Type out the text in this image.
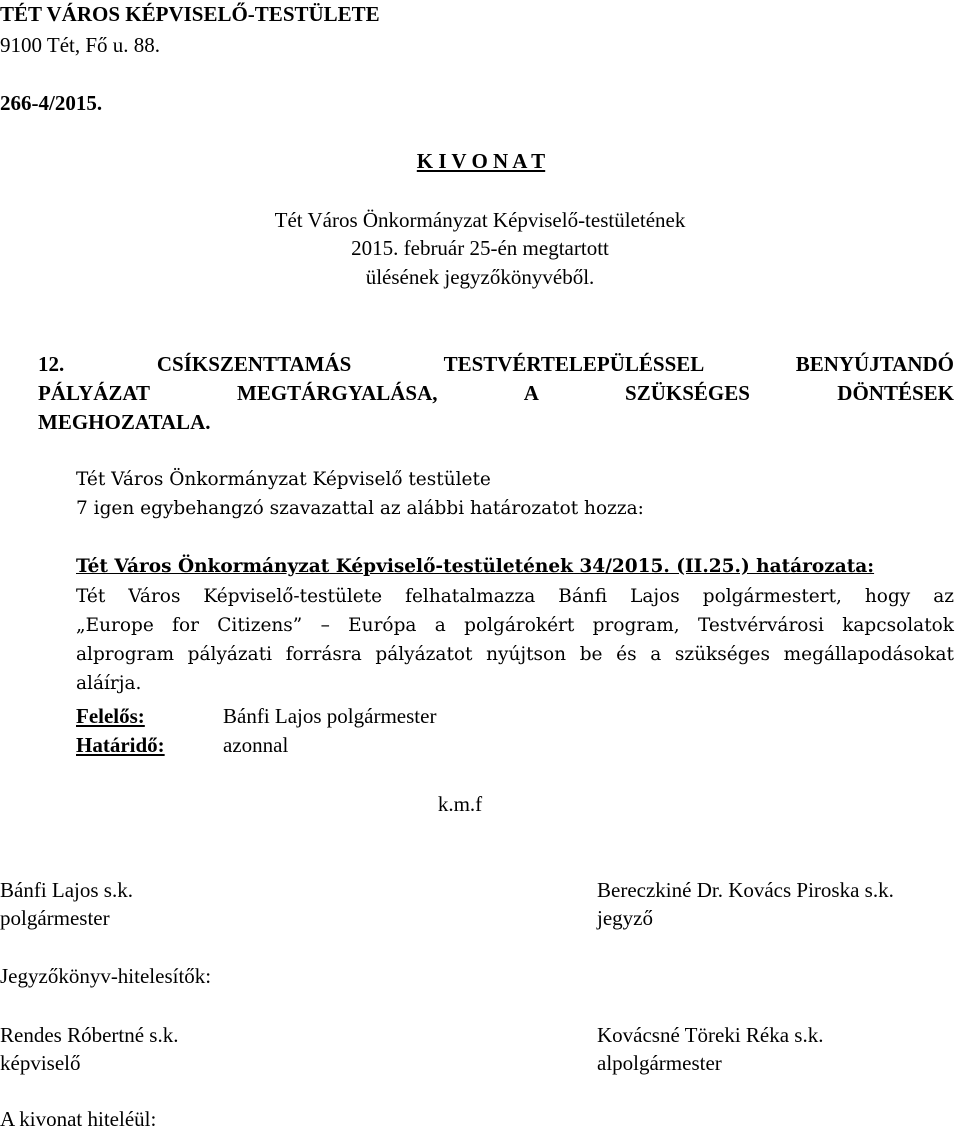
TÉT VÁROS KÉPVISELŐ-TESTÜLETE
9100 Tét, Fő u. 88.
266-4/2015.
K I V O N A T
Tét Város Önkormányzat Képviselő-testületének
2015. február 25-én megtartott
ülésének jegyzőkönyvéből.
12. CSÍKSZENTTAMÁS TESTVÉRTELEPÜLÉSSEL BENYÚJTANDÓ
PÁLYÁZAT MEGTÁRGYALÁSA, A SZÜKSÉGES DÖNTÉSEK
MEGHOZATALA.
Tét Város Önkormányzat Képviselő testülete
7 igen egybehangzó szavazattal az alábbi határozatot hozza:
Tét Város Önkormányzat Képviselő-testületének 34/2015. (II.25.) határozata:
Tét Város Képviselő-testülete felhatalmazza Bánfi Lajos polgármestert, hogy az
„Europe for Citizens” – Európa a polgárokért program, Testvérvárosi kapcsolatok
alprogram pályázati forrásra pályázatot nyújtson be és a szükséges megállapodásokat
aláírja.
Felelős:	Bánfi Lajos polgármester
Határidő:	azonnal
k.m.f
Bánfi Lajos s.k.
polgármester
Bereczkiné Dr. Kovács Piroska s.k.
jegyző
Jegyzőkönyv-hitelesítők:
Rendes Róbertné s.k.
képviselő
Kovácsné Töreki Réka s.k.
alpolgármester
A kivonat hiteléül:
